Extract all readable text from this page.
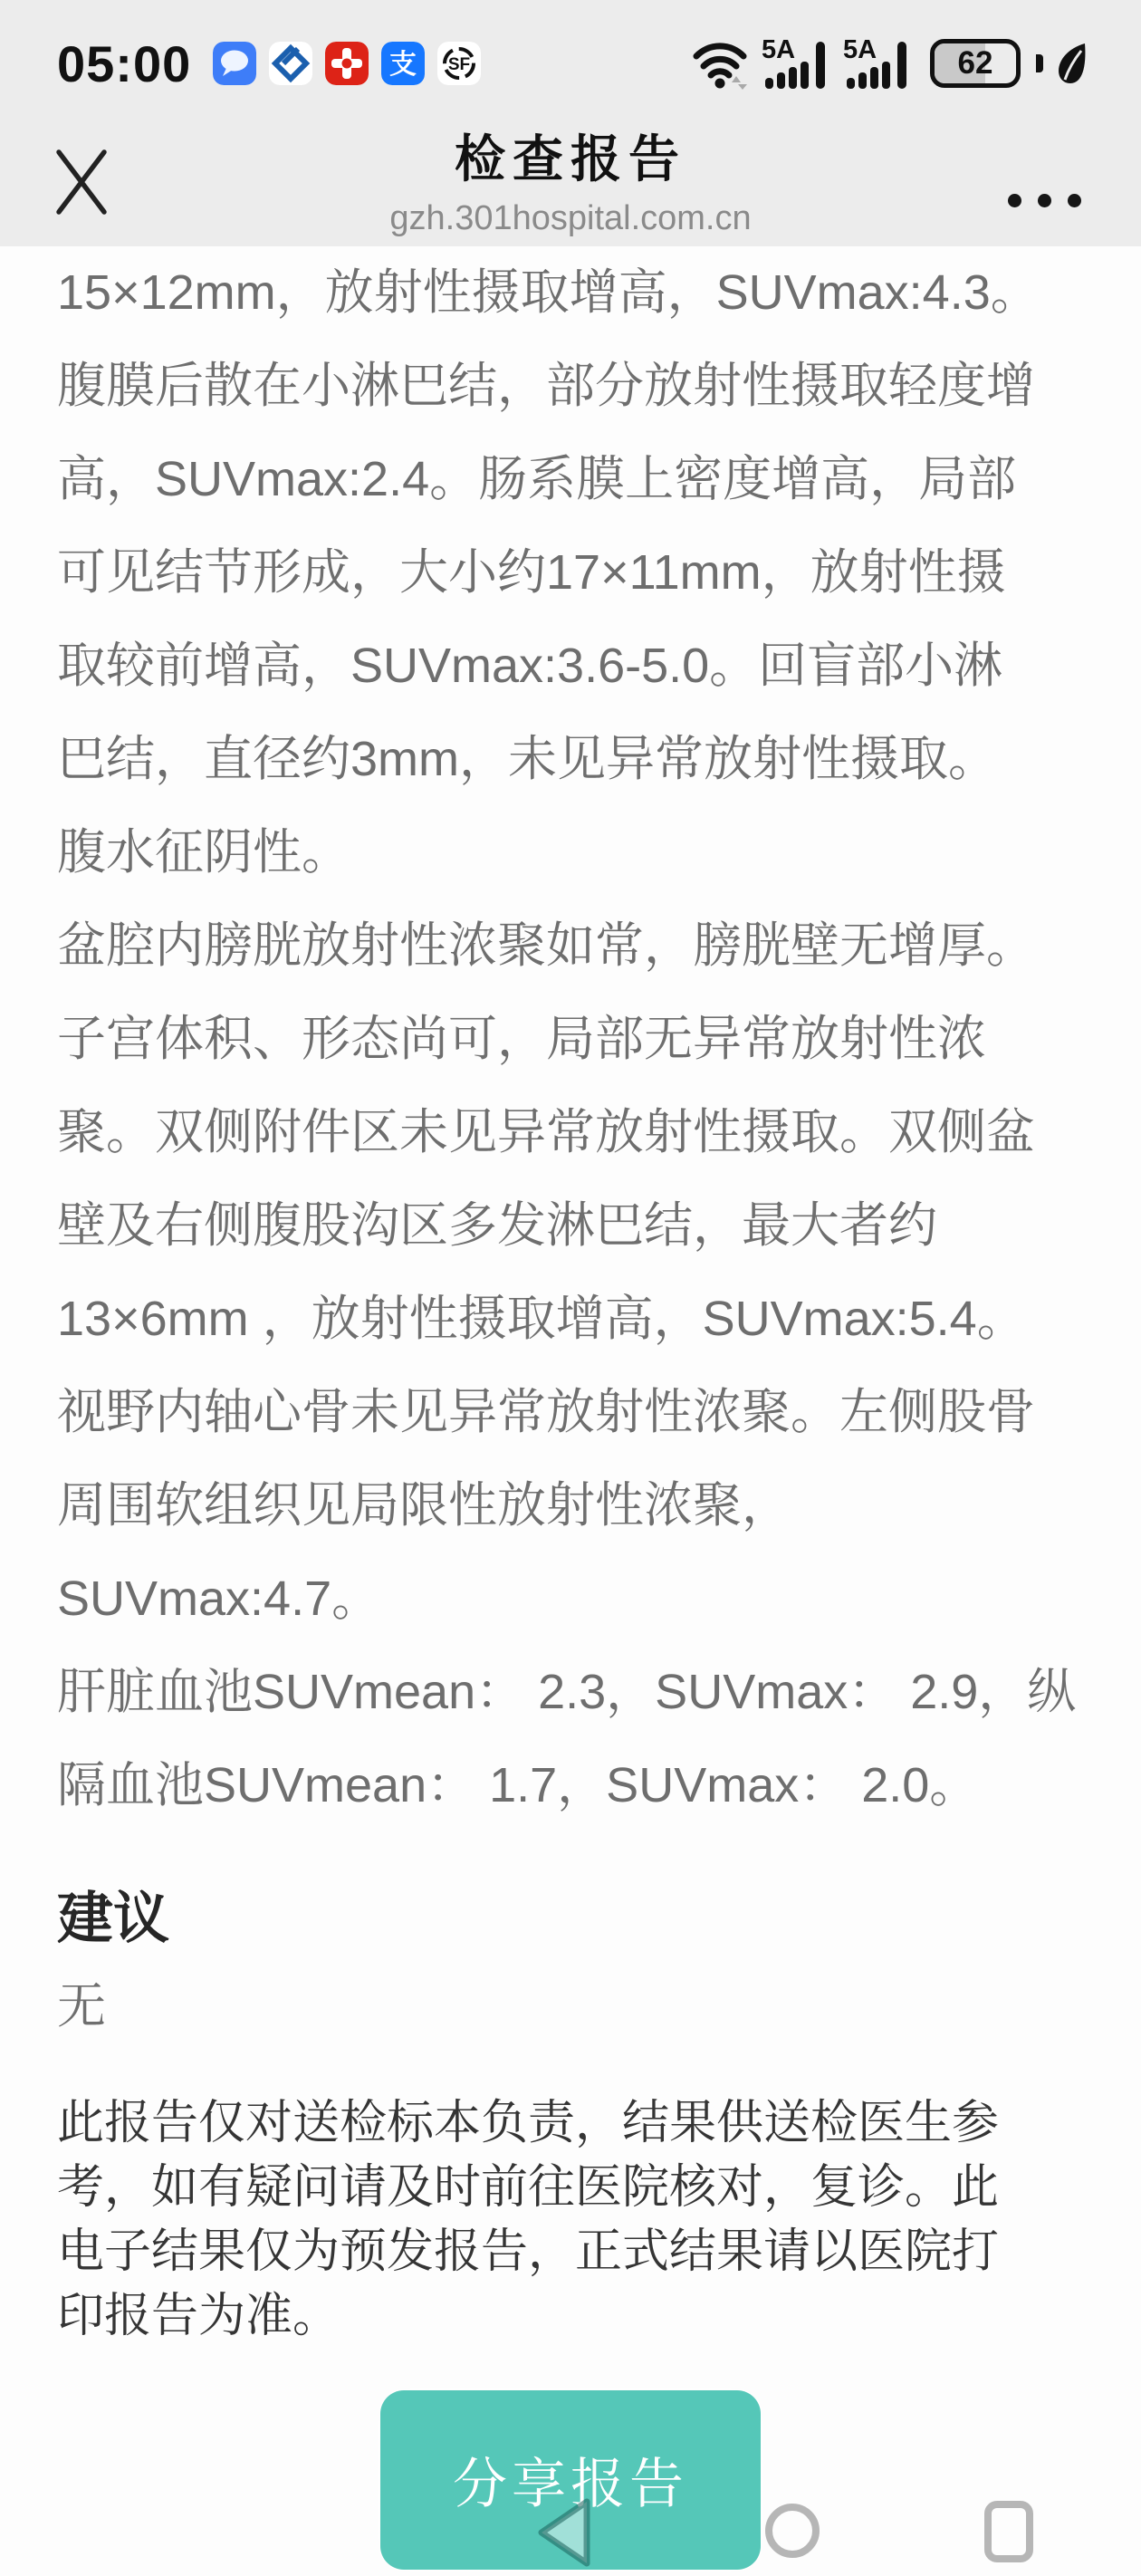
05:00	支 SF
5A 5A	62
检查报告
gzh.301hospital.com.cn
15×12mm，放射性摄取增高，SUVmax:4.3。
腹膜后散在小淋巴结，部分放射性摄取轻度增
高，SUVmax:2.4。肠系膜上密度增高，局部
可见结节形成，大小约17×11mm，放射性摄
取较前增高，SUVmax:3.6-5.0。回盲部小淋
巴结，直径约3mm，未见异常放射性摄取。
腹水征阴性。
盆腔内膀胱放射性浓聚如常，膀胱壁无增厚。
子宫体积、形态尚可，局部无异常放射性浓
聚。双侧附件区未见异常放射性摄取。双侧盆
壁及右侧腹股沟区多发淋巴结，最大者约
13×6mm ，放射性摄取增高，SUVmax:5.4。
视野内轴心骨未见异常放射性浓聚。左侧股骨
周围软组织见局限性放射性浓聚，
SUVmax:4.7。
肝脏血池SUVmean： 2.3，SUVmax： 2.9，纵
隔血池SUVmean： 1.7，SUVmax： 2.0。
建议
无
此报告仅对送检标本负责，结果供送检医生参
考，如有疑问请及时前往医院核对，复诊。此
电子结果仅为预发报告，正式结果请以医院打
印报告为准。
分享报告
